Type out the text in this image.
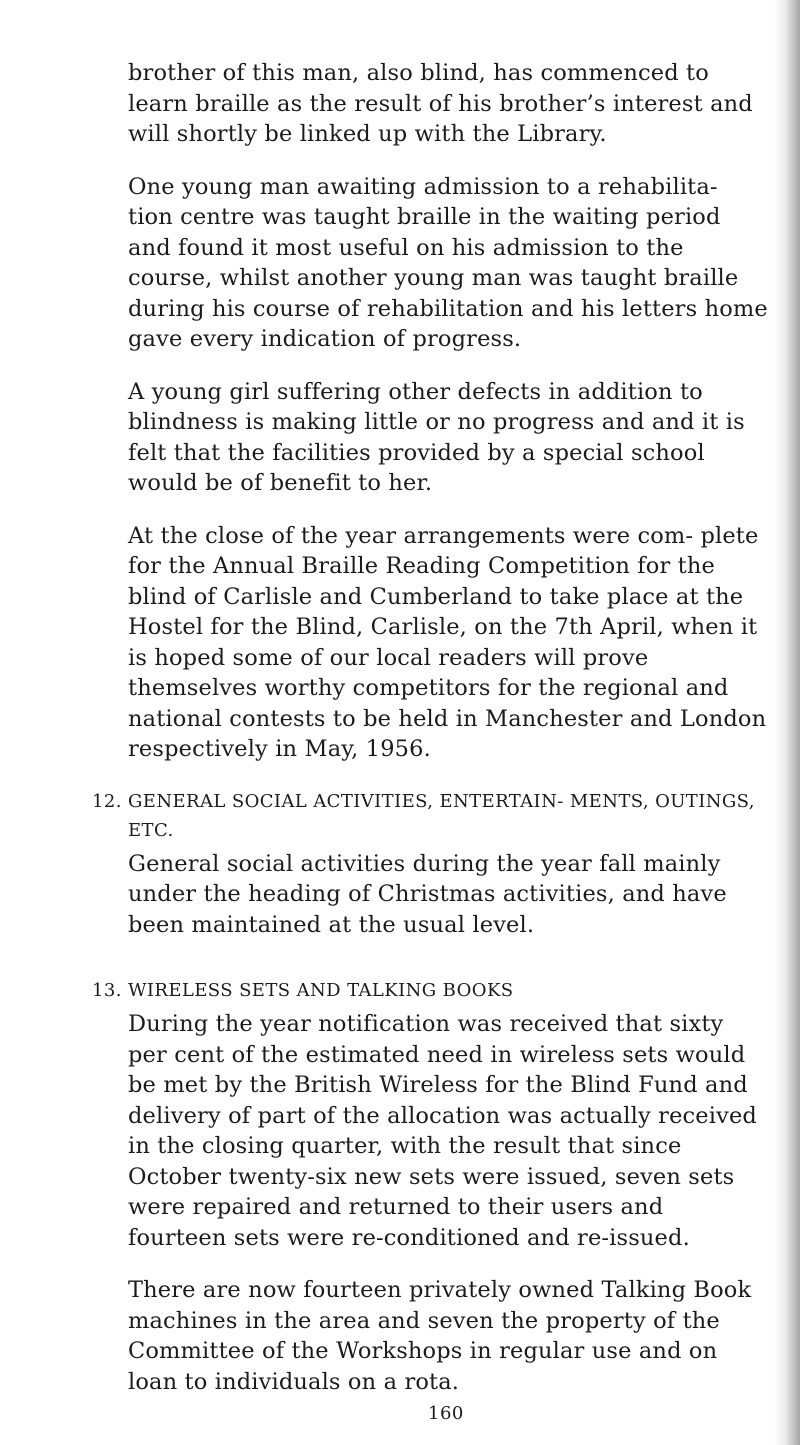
brother of this man, also blind, has commenced to learn braille as the result of his brother’s interest and will shortly be linked up with the Library.

One young man awaiting admission to a rehabilita- tion centre was taught braille in the waiting period and found it most useful on his admission to the course, whilst another young man was taught braille during his course of rehabilitation and his letters home gave every indication of progress.

A young girl suffering other defects in addition to blindness is making little or no progress and and it is felt that the facilities provided by a special school would be of benefit to her.

At the close of the year arrangements were com- plete for the Annual Braille Reading Competition for the blind of Carlisle and Cumberland to take place at the Hostel for the Blind, Carlisle, on the 7th April, when it is hoped some of our local readers will prove themselves worthy competitors for the regional and national contests to be held in Manchester and London respectively in May, 1956.

12. GENERAL SOCIAL ACTIVITIES, ENTERTAIN- MENTS, OUTINGS, ETC.

General social activities during the year fall mainly under the heading of Christmas activities, and have been maintained at the usual level.

13. WIRELESS SETS AND TALKING BOOKS

During the year notification was received that sixty per cent of the estimated need in wireless sets would be met by the British Wireless for the Blind Fund and delivery of part of the allocation was actually received in the closing quarter, with the result that since October twenty-six new sets were issued, seven sets were repaired and returned to their users and fourteen sets were re-conditioned and re-issued.

There are now fourteen privately owned Talking Book machines in the area and seven the property of the Committee of the Workshops in regular use and on loan to individuals on a rota.

160
